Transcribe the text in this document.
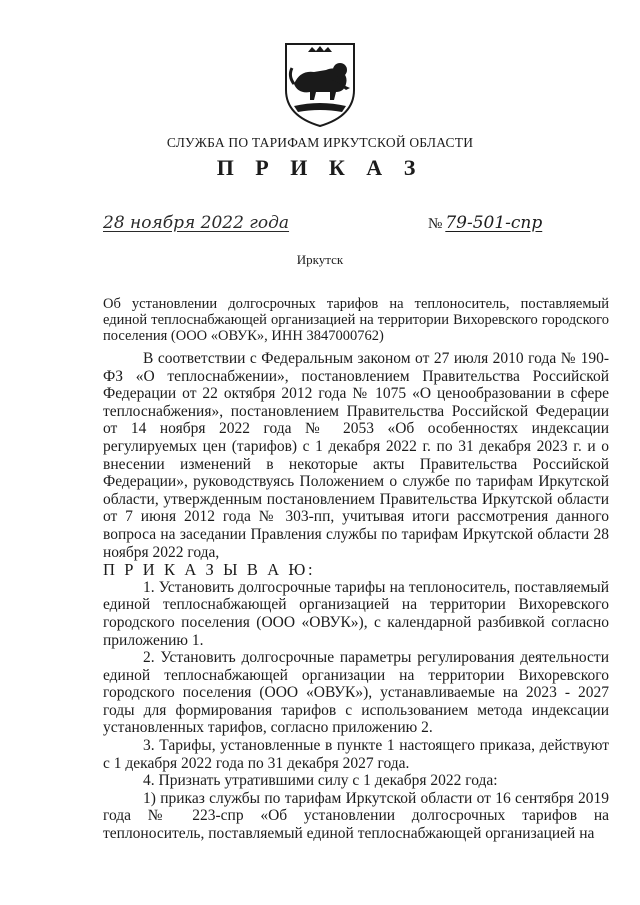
СЛУЖБА ПО ТАРИФАМ ИРКУТСКОЙ ОБЛАСТИ
П Р И К А З
28 ноября 2022 года	№ 79-501-спр
Иркутск
Об установлении долгосрочных тарифов на теплоноситель, поставляемый единой теплоснабжающей организацией на территории Вихоревского городского поселения (ООО «ОВУК», ИНН 3847000762)

В соответствии с Федеральным законом от 27 июля 2010 года № 190-ФЗ «О теплоснабжении», постановлением Правительства Российской Федерации от 22 октября 2012 года № 1075 «О ценообразовании в сфере теплоснабжения», постановлением Правительства Российской Федерации от 14 ноября 2022 года № 2053 «Об особенностях индексации регулируемых цен (тарифов) с 1 декабря 2022 г. по 31 декабря 2023 г. и о внесении изменений в некоторые акты Правительства Российской Федерации», руководствуясь Положением о службе по тарифам Иркутской области, утвержденным постановлением Правительства Иркутской области от 7 июня 2012 года № 303-пп, учитывая итоги рассмотрения данного вопроса на заседании Правления службы по тарифам Иркутской области 28 ноября 2022 года,

П Р И К А З Ы В А Ю:

1. Установить долгосрочные тарифы на теплоноситель, поставляемый единой теплоснабжающей организацией на территории Вихоревского городского поселения (ООО «ОВУК»), с календарной разбивкой согласно приложению 1.

2. Установить долгосрочные параметры регулирования деятельности единой теплоснабжающей организации на территории Вихоревского городского поселения (ООО «ОВУК»), устанавливаемые на 2023 - 2027 годы для формирования тарифов с использованием метода индексации установленных тарифов, согласно приложению 2.

3. Тарифы, установленные в пункте 1 настоящего приказа, действуют с 1 декабря 2022 года по 31 декабря 2027 года.

4. Признать утратившими силу с 1 декабря 2022 года:

1) приказ службы по тарифам Иркутской области от 16 сентября 2019 года № 223-спр «Об установлении долгосрочных тарифов на теплоноситель, поставляемый единой теплоснабжающей организацией на
